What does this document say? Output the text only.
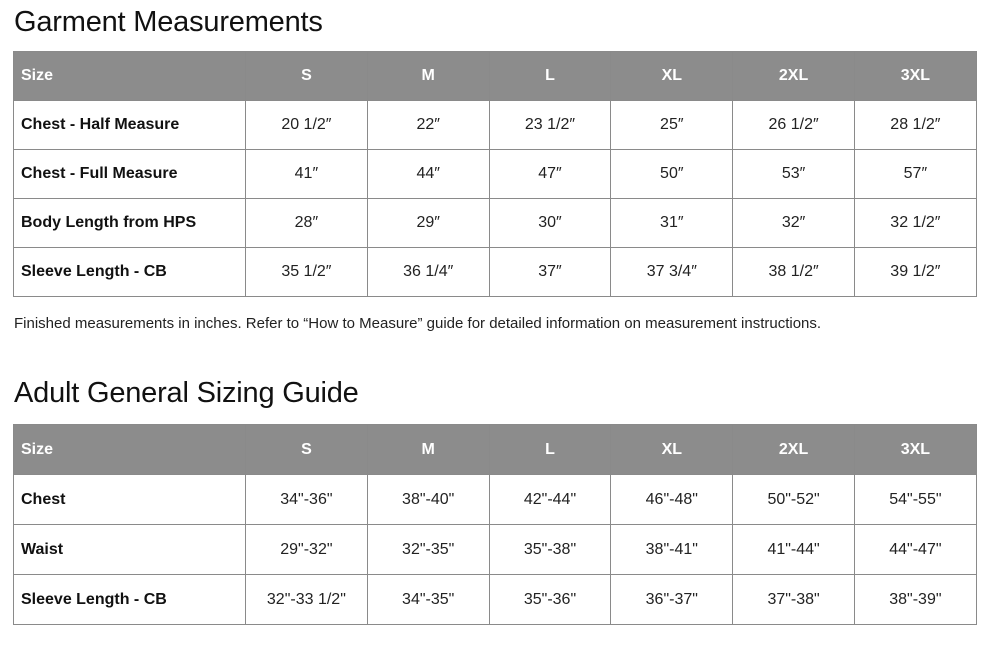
Garment Measurements
Size	S	M	L	XL	2XL	3XL
Chest - Half Measure	20 1/2″	22″	23 1/2″	25″	26 1/2″	28 1/2″
Chest - Full Measure	41″	44″	47″	50″	53″	57″
Body Length from HPS	28″	29″	30″	31″	32″	32 1/2″
Sleeve Length - CB	35 1/2″	36 1/4″	37″	37 3/4″	38 1/2″	39 1/2″

Finished measurements in inches. Refer to “How to Measure” guide for detailed information on measurement instructions.

Adult General Sizing Guide
Size	S	M	L	XL	2XL	3XL
Chest	34"-36"	38"-40"	42"-44"	46"-48"	50"-52"	54"-55"
Waist	29"-32"	32"-35"	35"-38"	38"-41"	41"-44"	44"-47"
Sleeve Length - CB	32"-33 1/2"	34"-35"	35"-36"	36"-37"	37"-38"	38"-39"
